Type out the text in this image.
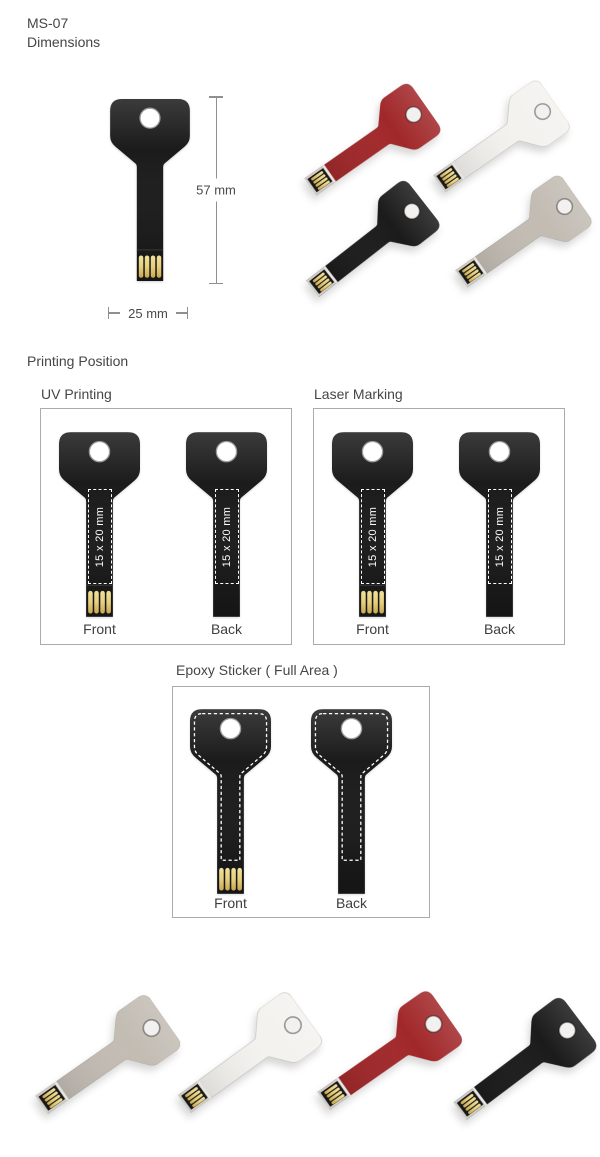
MS-07
Dimensions
57 mm
25 mm
Printing Position
UV Printing
15 x 20 mm	15 x 20 mm
Front	Back
Laser Marking
15 x 20 mm	15 x 20 mm
Front	Back
Epoxy Sticker ( Full Area )
Front	Back
